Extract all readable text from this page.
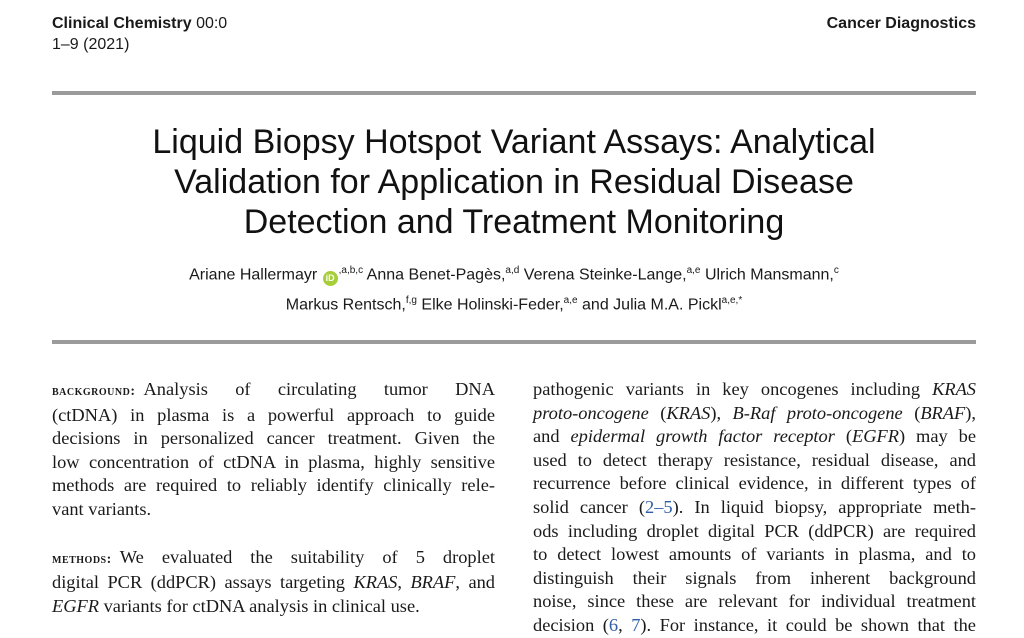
Clinical Chemistry 00:0
1–9 (2021)
Cancer Diagnostics
Liquid Biopsy Hotspot Variant Assays: Analytical
Validation for Application in Residual Disease
Detection and Treatment Monitoring
Ariane Hallermayr $iD^{,a,b,c}$ Anna Benet-Pagès,$^{a,d}$ Verena Steinke-Lange,$^{a,e}$ Ulrich Mansmann,$^c$
Markus Rentsch,$^{f,g}$ Elke Holinski-Feder,$^{a,e}$ and Julia M.A. Pickl$^{a,e,*}$

background: Analysis of circulating tumor DNA
(ctDNA) in plasma is a powerful approach to guide
decisions in personalized cancer treatment. Given the
low concentration of ctDNA in plasma, highly sensitive
methods are required to reliably identify clinically rele-
vant variants.

methods: We evaluated the suitability of 5 droplet
digital PCR (ddPCR) assays targeting KRAS, BRAF, and
EGFR variants for ctDNA analysis in clinical use.

pathogenic variants in key oncogenes including KRAS
proto-oncogene (KRAS), B-Raf proto-oncogene (BRAF),
and epidermal growth factor receptor (EGFR) may be
used to detect therapy resistance, residual disease, and
recurrence before clinical evidence, in different types of
solid cancer (2–5). In liquid biopsy, appropriate meth-
ods including droplet digital PCR (ddPCR) are required
to detect lowest amounts of variants in plasma, and to
distinguish their signals from inherent background
noise, since these are relevant for individual treatment
decision (6, 7). For instance, it could be shown that the
